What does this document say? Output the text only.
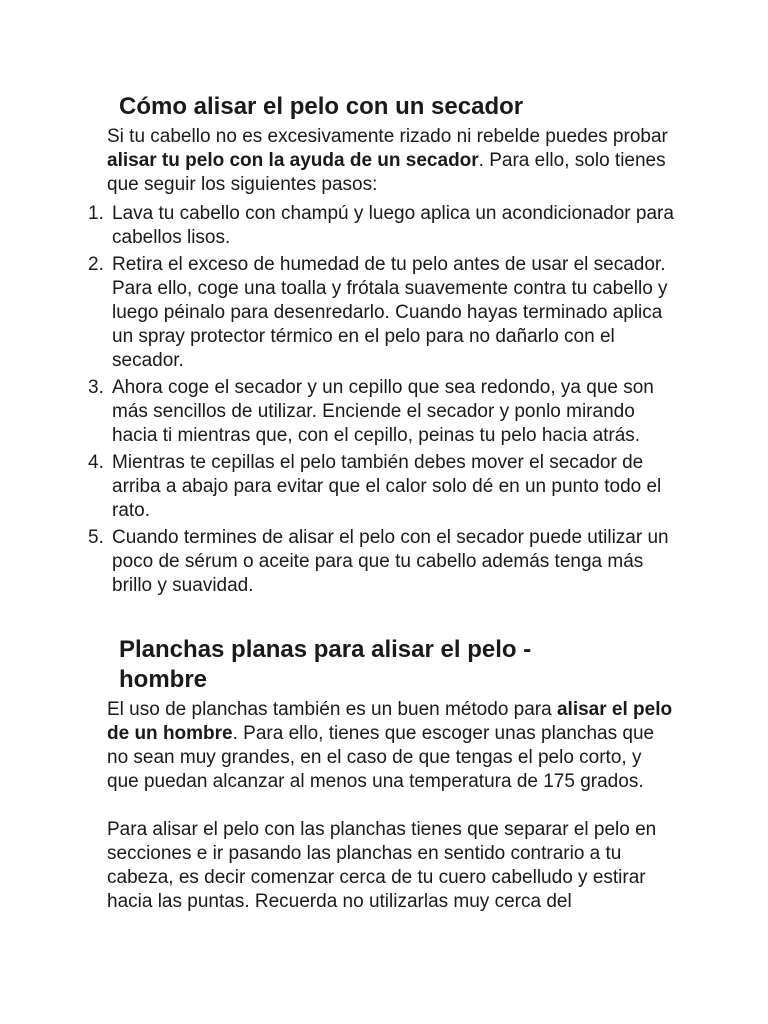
Cómo alisar el pelo con un secador

Si tu cabello no es excesivamente rizado ni rebelde puedes probar alisar tu pelo con la ayuda de un secador. Para ello, solo tienes que seguir los siguientes pasos:

1. Lava tu cabello con champú y luego aplica un acondicionador para cabellos lisos.
2. Retira el exceso de humedad de tu pelo antes de usar el secador. Para ello, coge una toalla y frótala suavemente contra tu cabello y luego péinalo para desenredarlo. Cuando hayas terminado aplica un spray protector térmico en el pelo para no dañarlo con el secador.
3. Ahora coge el secador y un cepillo que sea redondo, ya que son más sencillos de utilizar. Enciende el secador y ponlo mirando hacia ti mientras que, con el cepillo, peinas tu pelo hacia atrás.
4. Mientras te cepillas el pelo también debes mover el secador de arriba a abajo para evitar que el calor solo dé en un punto todo el rato.
5. Cuando termines de alisar el pelo con el secador puede utilizar un poco de sérum o aceite para que tu cabello además tenga más brillo y suavidad.
Planchas planas para alisar el pelo - hombre

El uso de planchas también es un buen método para alisar el pelo de un hombre. Para ello, tienes que escoger unas planchas que no sean muy grandes, en el caso de que tengas el pelo corto, y que puedan alcanzar al menos una temperatura de 175 grados.

Para alisar el pelo con las planchas tienes que separar el pelo en secciones e ir pasando las planchas en sentido contrario a tu cabeza, es decir comenzar cerca de tu cuero cabelludo y estirar hacia las puntas. Recuerda no utilizarlas muy cerca del
